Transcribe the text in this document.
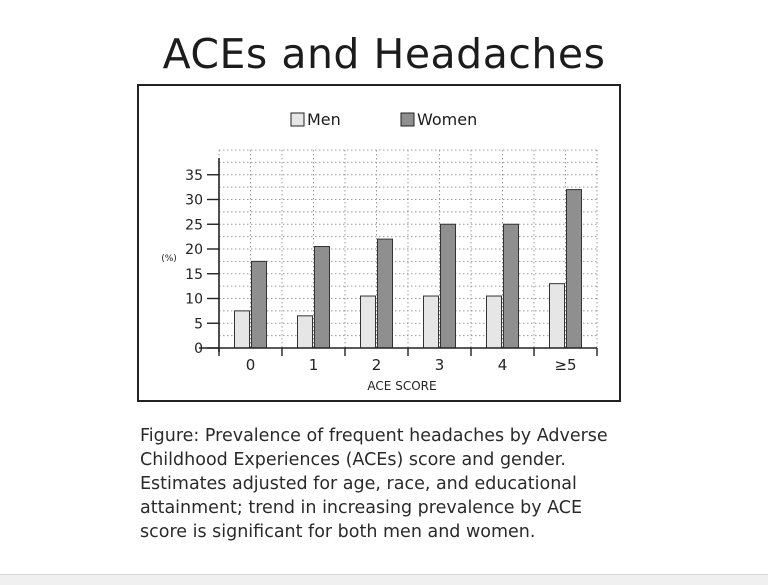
ACEs and Headaches
0
5
10
15
20
25
30
35
(%)
0	1	2	3	4	≥5
ACE SCORE
Men	Women
Figure: Prevalence of frequent headaches by Adverse Childhood Experiences (ACEs) score and gender. Estimates adjusted for age, race, and educational attainment; trend in increasing prevalence by ACE score is significant for both men and women.
